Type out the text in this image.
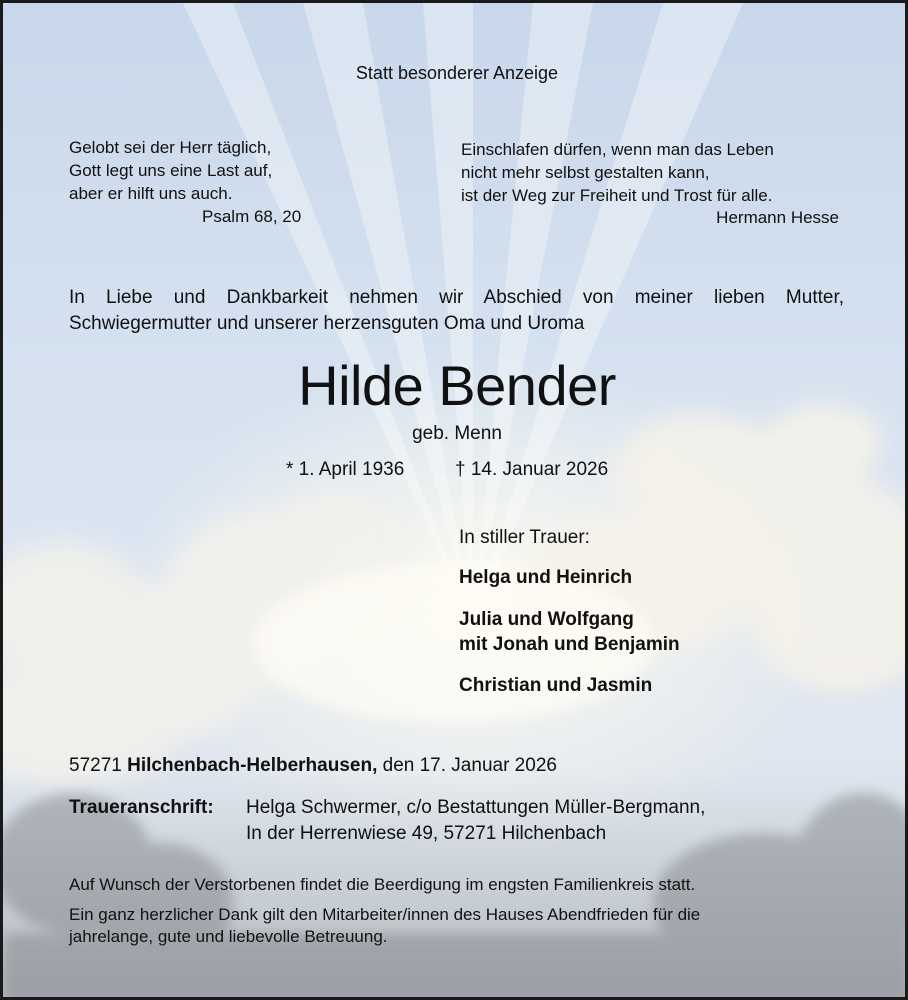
Statt besonderer Anzeige

Gelobt sei der Herr täglich,

Gott legt uns eine Last auf,

aber er hilft uns auch.

Psalm 68, 20

Einschlafen dürfen, wenn man das Leben

nicht mehr selbst gestalten kann,

ist der Weg zur Freiheit und Trost für alle.

Hermann Hesse

In Liebe und Dankbarkeit nehmen wir Abschied von meiner lieben Mutter,

Schwiegermutter und unserer herzensguten Oma und Uroma

Hilde Bender

geb. Menn

* 1. April 1936	† 14. Januar 2026

In stiller Trauer:

Helga und Heinrich

Julia und Wolfgang

mit Jonah und Benjamin

Christian und Jasmin

57271 Hilchenbach-Helberhausen, den 17. Januar 2026

Traueranschrift: Helga Schwermer, c/o Bestattungen Müller-Bergmann,

In der Herrenwiese 49, 57271 Hilchenbach

Auf Wunsch der Verstorbenen findet die Beerdigung im engsten Familienkreis statt.

Ein ganz herzlicher Dank gilt den Mitarbeiter/innen des Hauses Abendfrieden für die

jahrelange, gute und liebevolle Betreuung.
